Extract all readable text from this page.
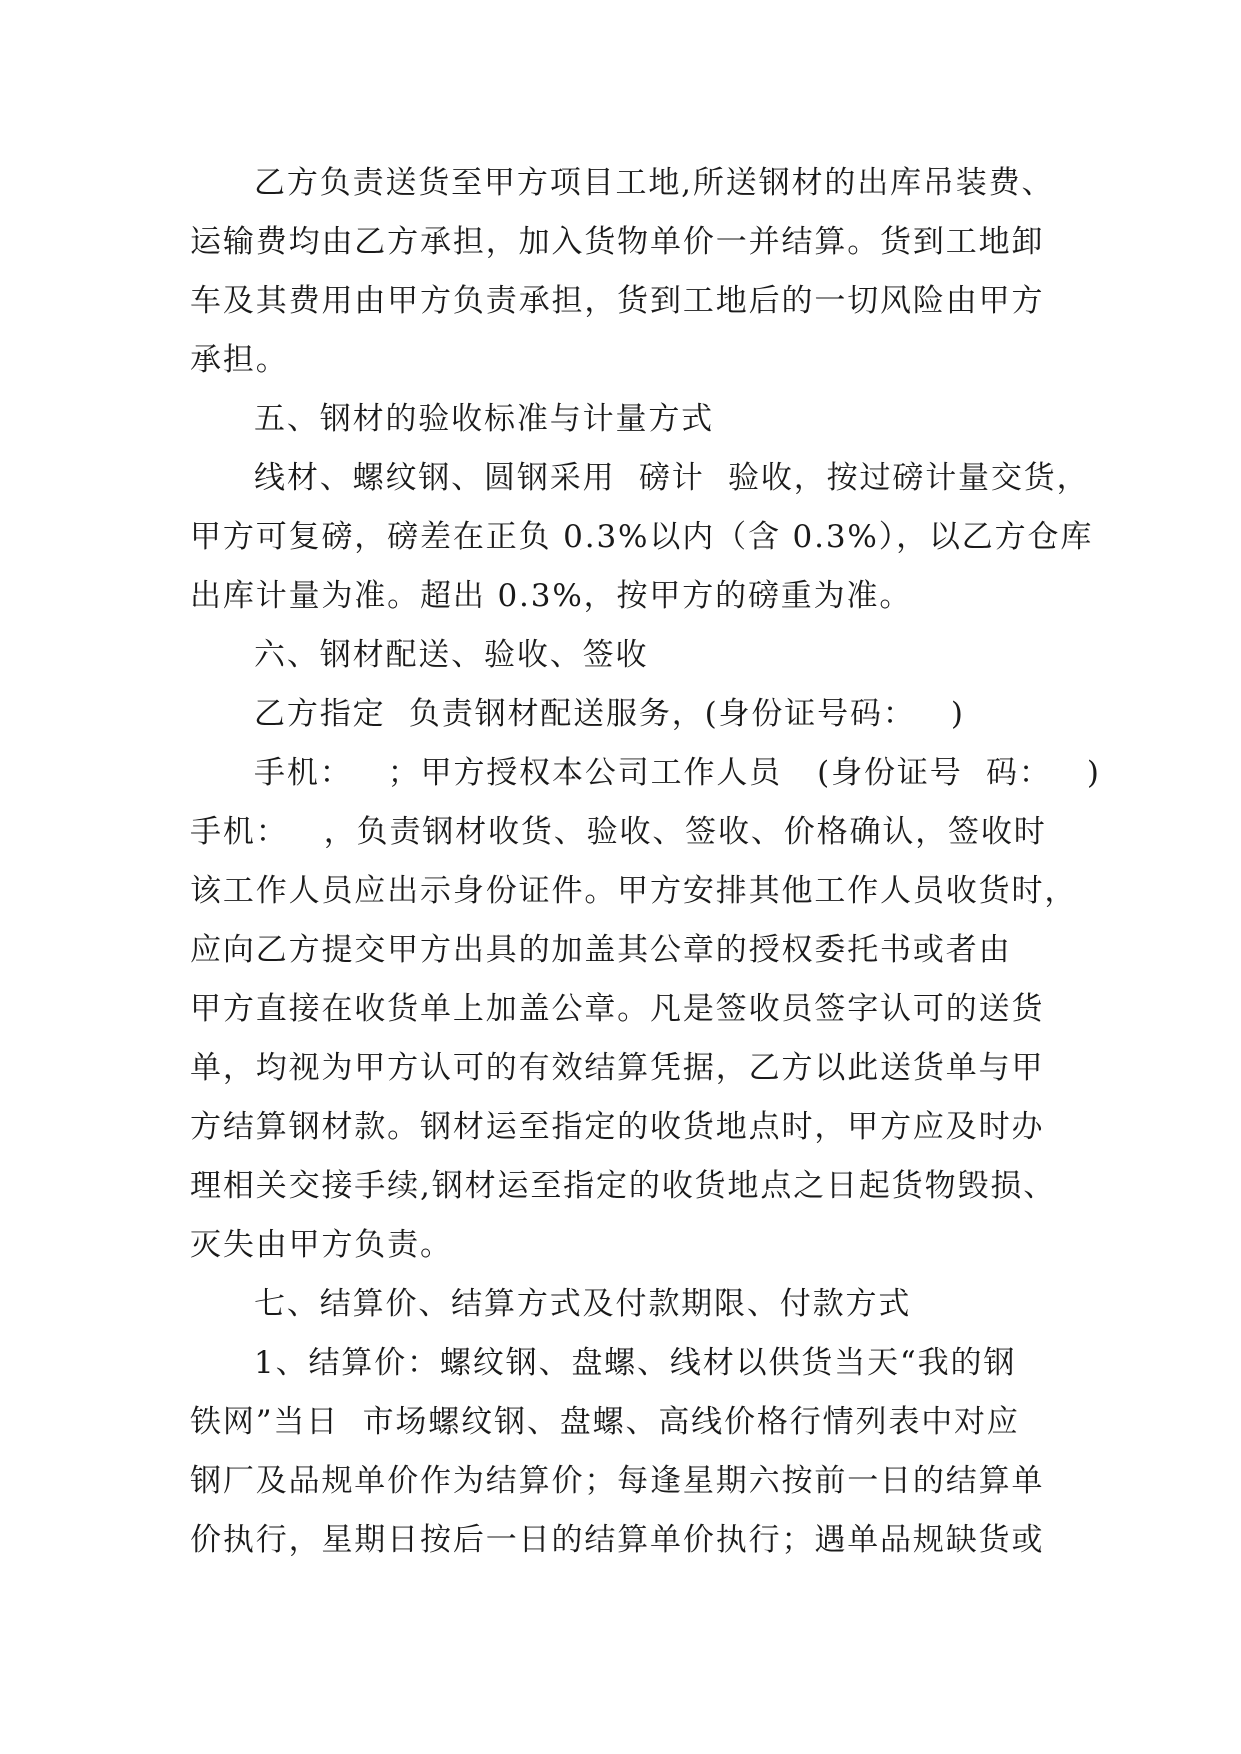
乙方负责送货至甲方项目工地,所送钢材的出库吊装费、
运输费均由乙方承担，加入货物单价一并结算。货到工地卸
车及其费用由甲方负责承担，货到工地后的一切风险由甲方
承担。
五、钢材的验收标准与计量方式
线材、螺纹钢、圆钢采用  磅计  验收，按过磅计量交货，
甲方可复磅，磅差在正负 0.3%以内（含 0.3%），以乙方仓库
出库计量为准。超出 0.3%，按甲方的磅重为准。
六、钢材配送、验收、签收
乙方指定  负责钢材配送服务，(身份证号码：   )
手机：   ；甲方授权本公司工作人员   (身份证号  码：   )
手机：   ，负责钢材收货、验收、签收、价格确认，签收时
该工作人员应出示身份证件。甲方安排其他工作人员收货时，
应向乙方提交甲方出具的加盖其公章的授权委托书或者由
甲方直接在收货单上加盖公章。凡是签收员签字认可的送货
单，均视为甲方认可的有效结算凭据，乙方以此送货单与甲
方结算钢材款。钢材运至指定的收货地点时，甲方应及时办
理相关交接手续,钢材运至指定的收货地点之日起货物毁损、
灭失由甲方负责。
七、结算价、结算方式及付款期限、付款方式
1、结算价：螺纹钢、盘螺、线材以供货当天“我的钢
铁网”当日  市场螺纹钢、盘螺、高线价格行情列表中对应
钢厂及品规单价作为结算价；每逢星期六按前一日的结算单
价执行，星期日按后一日的结算单价执行；遇单品规缺货或
